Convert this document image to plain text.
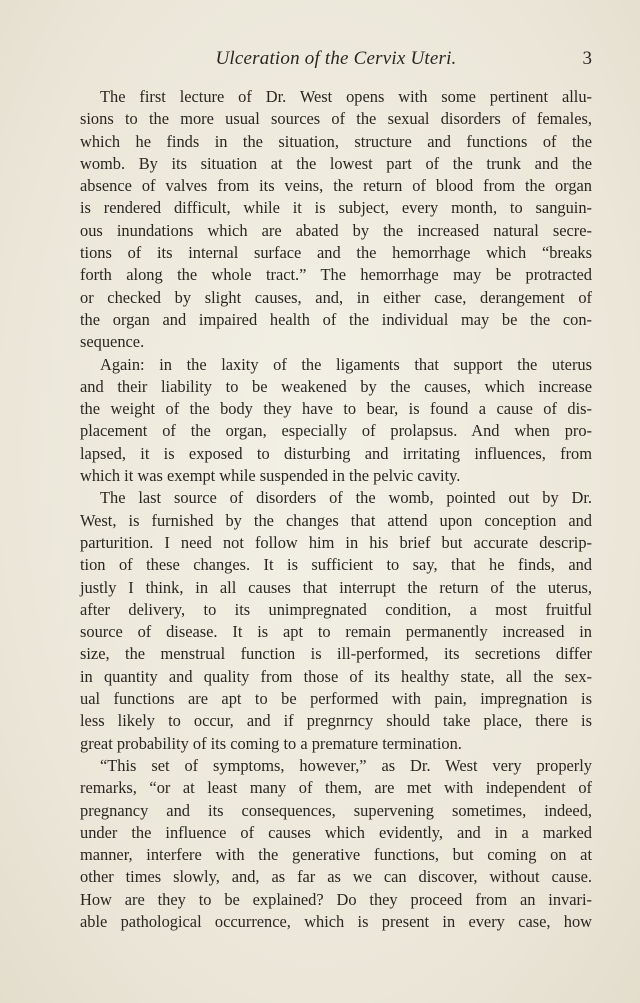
Ulceration of the Cervix Uteri.	3
The first lecture of Dr. West opens with some pertinent allu-
sions to the more usual sources of the sexual disorders of females,
which he finds in the situation, structure and functions of the
womb. By its situation at the lowest part of the trunk and the
absence of valves from its veins, the return of blood from the organ
is rendered difficult, while it is subject, every month, to sanguin-
ous inundations which are abated by the increased natural secre-
tions of its internal surface and the hemorrhage which “breaks
forth along the whole tract.” The hemorrhage may be protracted
or checked by slight causes, and, in either case, derangement of
the organ and impaired health of the individual may be the con-
sequence.
Again: in the laxity of the ligaments that support the uterus
and their liability to be weakened by the causes, which increase
the weight of the body they have to bear, is found a cause of dis-
placement of the organ, especially of prolapsus. And when pro-
lapsed, it is exposed to disturbing and irritating influences, from
which it was exempt while suspended in the pelvic cavity.
The last source of disorders of the womb, pointed out by Dr.
West, is furnished by the changes that attend upon conception and
parturition. I need not follow him in his brief but accurate descrip-
tion of these changes. It is sufficient to say, that he finds, and
justly I think, in all causes that interrupt the return of the uterus,
after delivery, to its unimpregnated condition, a most fruitful
source of disease. It is apt to remain permanently increased in
size, the menstrual function is ill-performed, its secretions differ
in quantity and quality from those of its healthy state, all the sex-
ual functions are apt to be performed with pain, impregnation is
less likely to occur, and if pregnrncy should take place, there is
great probability of its coming to a premature termination.
“This set of symptoms, however,” as Dr. West very properly
remarks, “or at least many of them, are met with independent of
pregnancy and its consequences, supervening sometimes, indeed,
under the influence of causes which evidently, and in a marked
manner, interfere with the generative functions, but coming on at
other times slowly, and, as far as we can discover, without cause.
How are they to be explained? Do they proceed from an invari-
able pathological occurrence, which is present in every case, how
